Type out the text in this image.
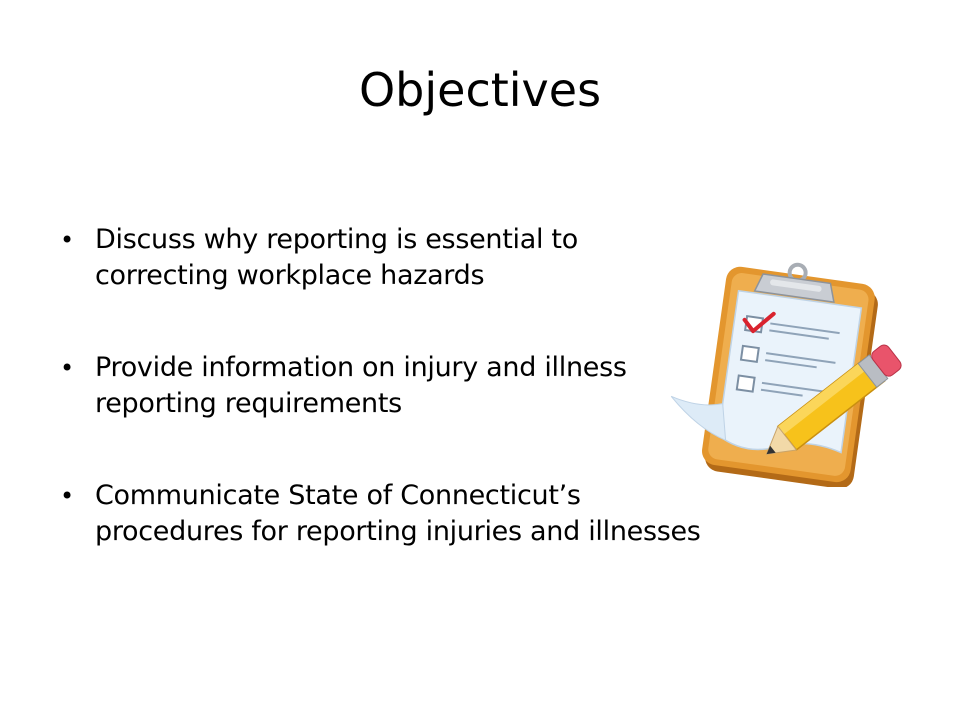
Objectives
• Discuss why reporting is essential to correcting workplace hazards
• Provide information on injury and illness reporting requirements
• Communicate State of Connecticut’s procedures for reporting injuries and illnesses
